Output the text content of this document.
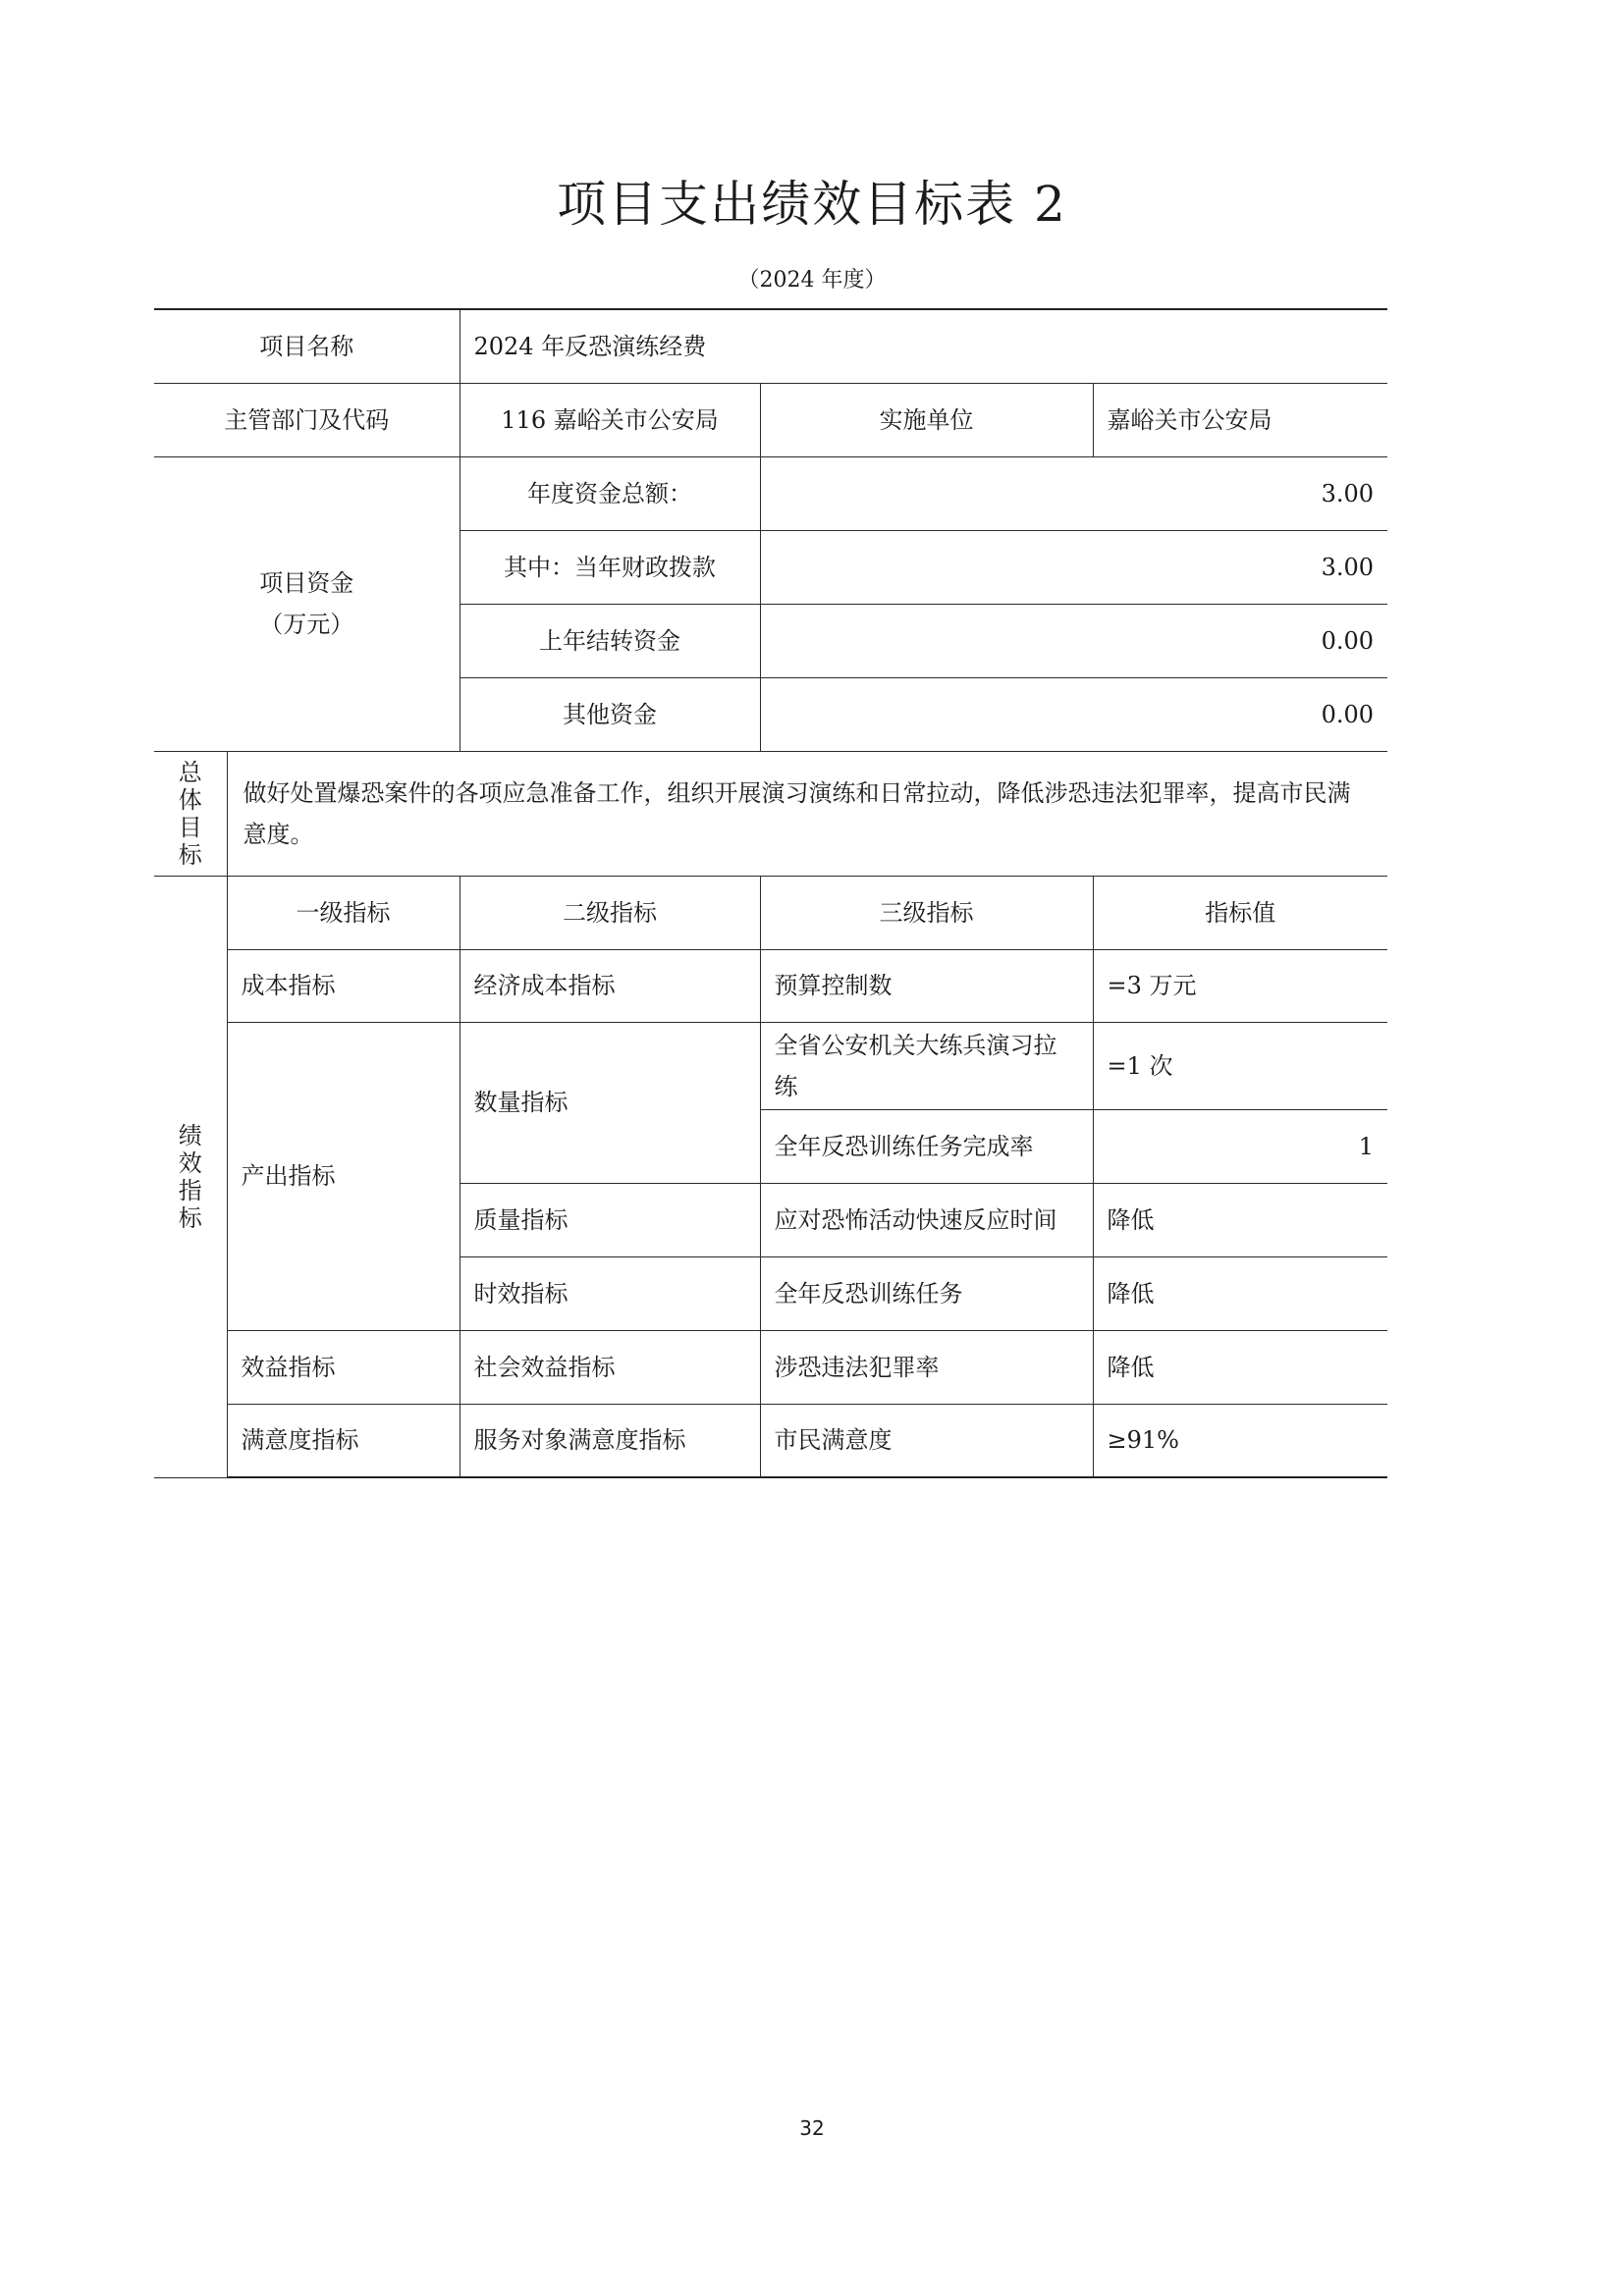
项目支出绩效目标表 2
（2024 年度）
项目名称		2024 年反恐演练经费		
主管部门及代码		116 嘉峪关市公安局	实施单位	嘉峪关市公安局

项目资金
（万元）		年度资金总额：	3.00	
		其中：当年财政拨款	3.00	
		上年结转资金	0.00	
		其他资金	0.00	
总体目标	做好处置爆恐案件的各项应急准备工作，组织开展演习演练和日常拉动，降低涉恐违法犯罪率，提高市民满意度。			
绩效指标	一级指标	二级指标	三级指标	指标值
	成本指标	经济成本指标	预算控制数	=3 万元
	产出指标	数量指标	全省公安机关大练兵演习拉练	=1 次
			全年反恐训练任务完成率	1
		质量指标	应对恐怖活动快速反应时间	降低
		时效指标	全年反恐训练任务	降低
	效益指标	社会效益指标	涉恐违法犯罪率	降低
	满意度指标	服务对象满意度指标	市民满意度	≥91%
32
